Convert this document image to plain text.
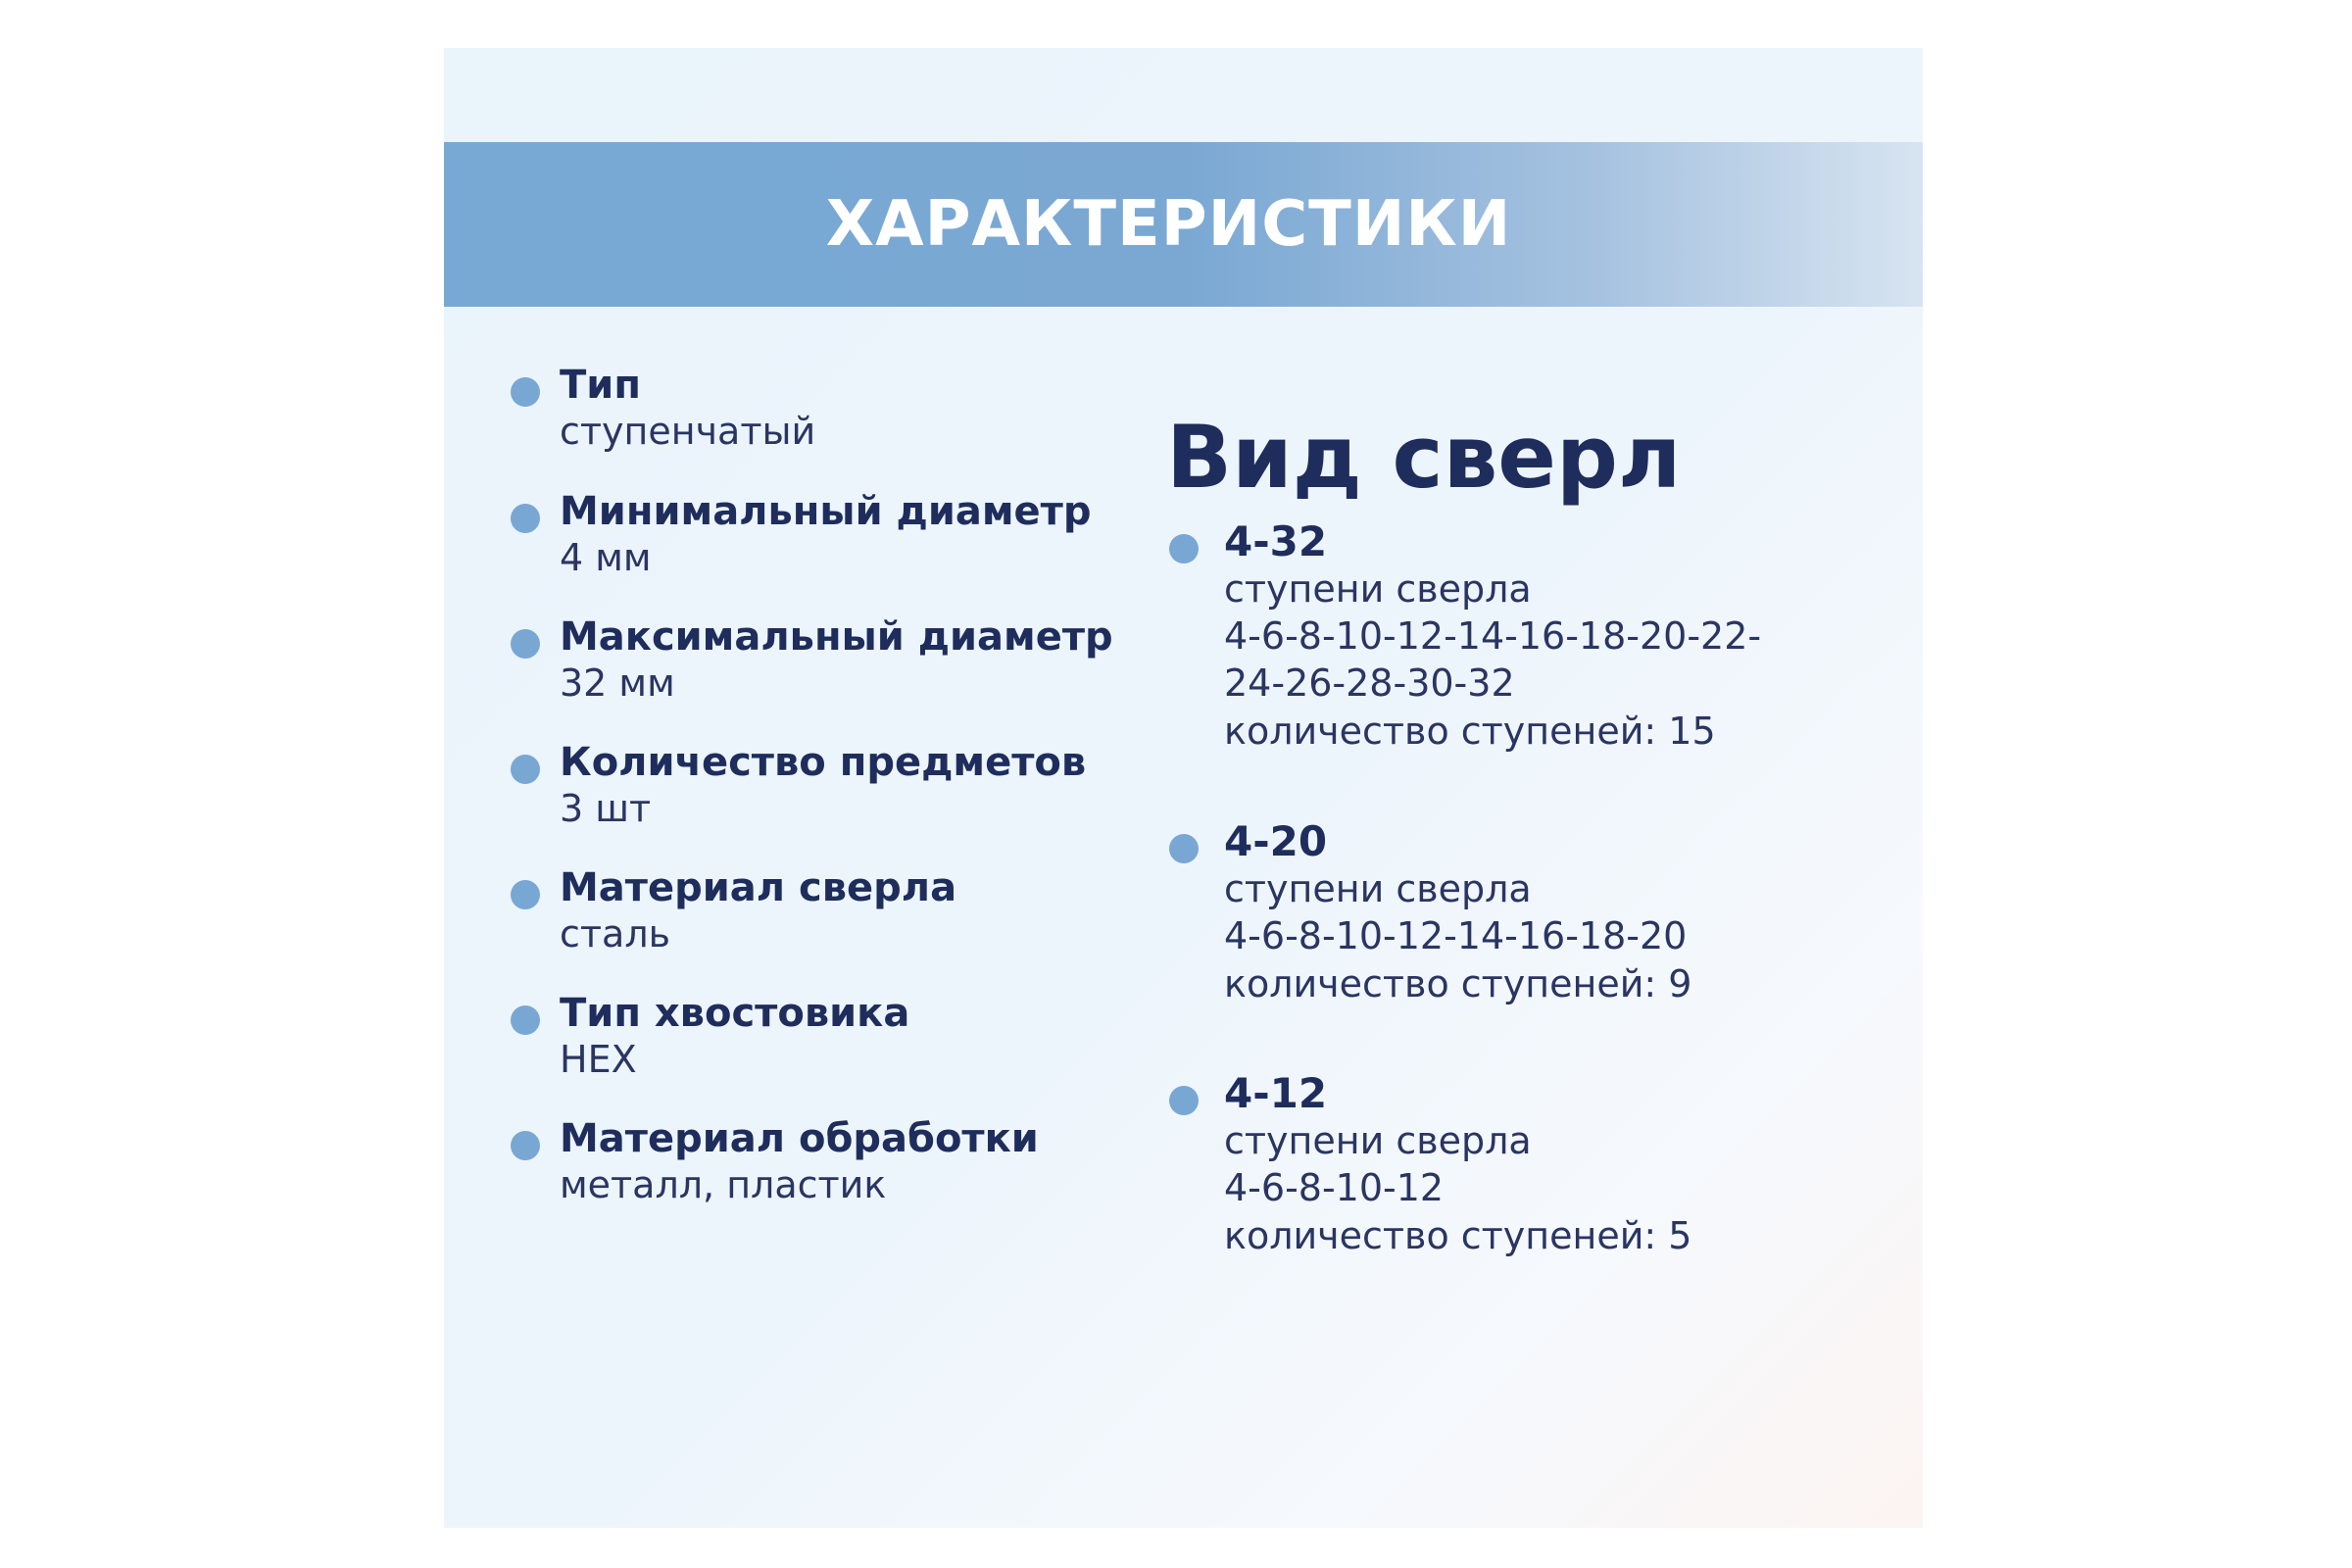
ХАРАКТЕРИСТИКИ
Тип
ступенчатый
Минимальный диаметр
4 мм
Максимальный диаметр
32 мм
Количество предметов
3 шт
Материал сверла
сталь
Тип хвостовика
HEX
Материал обработки
металл, пластик
Вид сверл
4-32
ступени сверла
4-6-8-10-12-14-16-18-20-22-
24-26-28-30-32
количество ступеней: 15
4-20
ступени сверла
4-6-8-10-12-14-16-18-20
количество ступеней: 9
4-12
ступени сверла
4-6-8-10-12
количество ступеней: 5
